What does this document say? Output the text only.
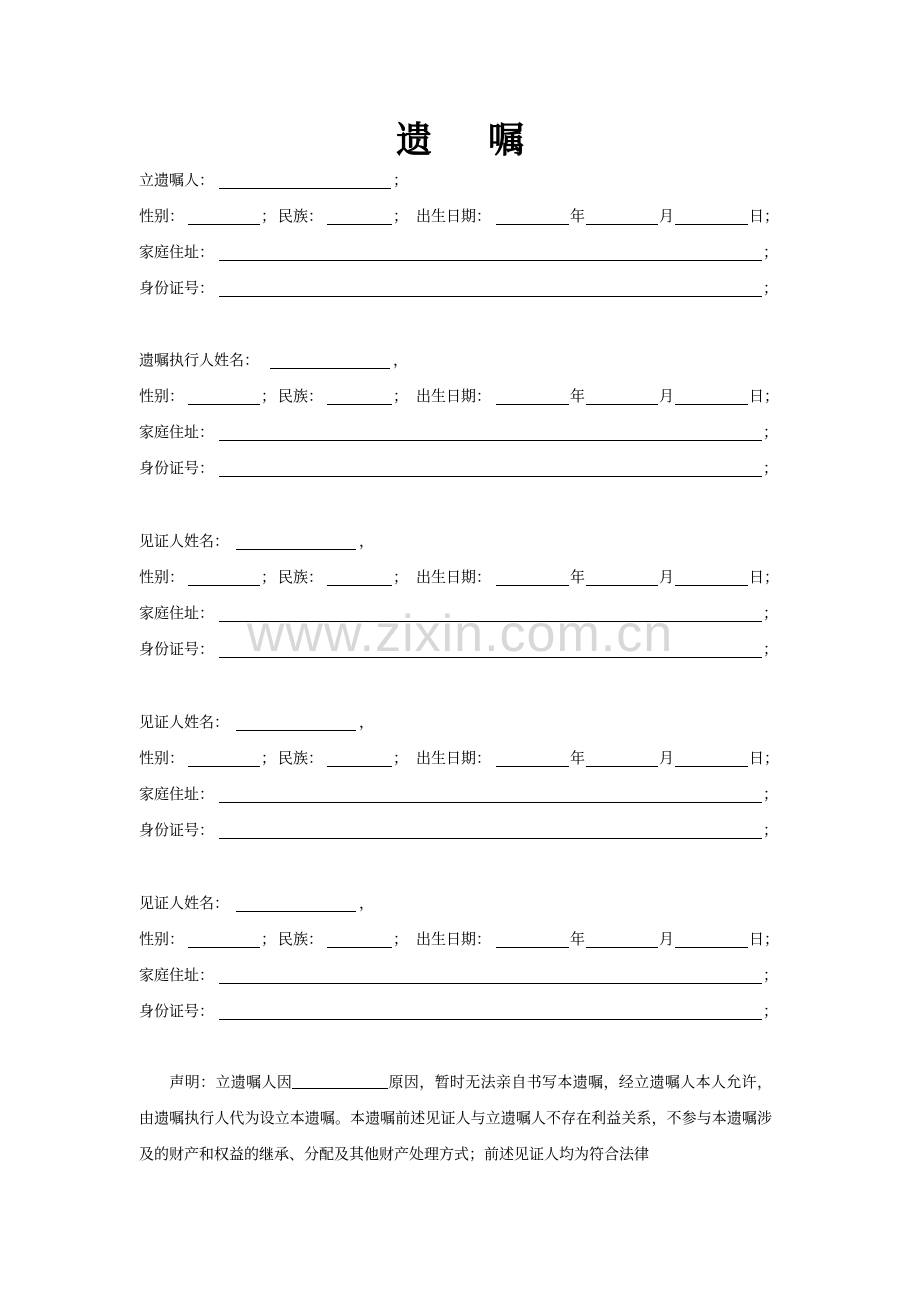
遗 嘱
立遗嘱人：	；
性别：	； 民族：	； 出生日期：	年	月	日；
家庭住址：	；
身份证号：	；
遗嘱执行人姓名：	，
性别：	； 民族：	； 出生日期：	年	月	日；
家庭住址：	；
身份证号：	；
见证人姓名：	，
性别：	； 民族：	； 出生日期：	年	月	日；
家庭住址：	；
身份证号：	；
见证人姓名：	，
性别：	； 民族：	； 出生日期：	年	月	日；
家庭住址：	；
身份证号：	；
见证人姓名：	，
性别：	； 民族：	； 出生日期：	年	月	日；
家庭住址：	；
身份证号：	；
www.zixin.com.cn
声明：立遗嘱人因	原因，暂时无法亲自书写本遗嘱，经立遗嘱人本人允许，由遗嘱执行人代为设立本遗嘱。本遗嘱前述见证人与立遗嘱人不存在利益关系，不参与本遗嘱涉及的财产和权益的继承、分配及其他财产处理方式；前述见证人均为符合法律
